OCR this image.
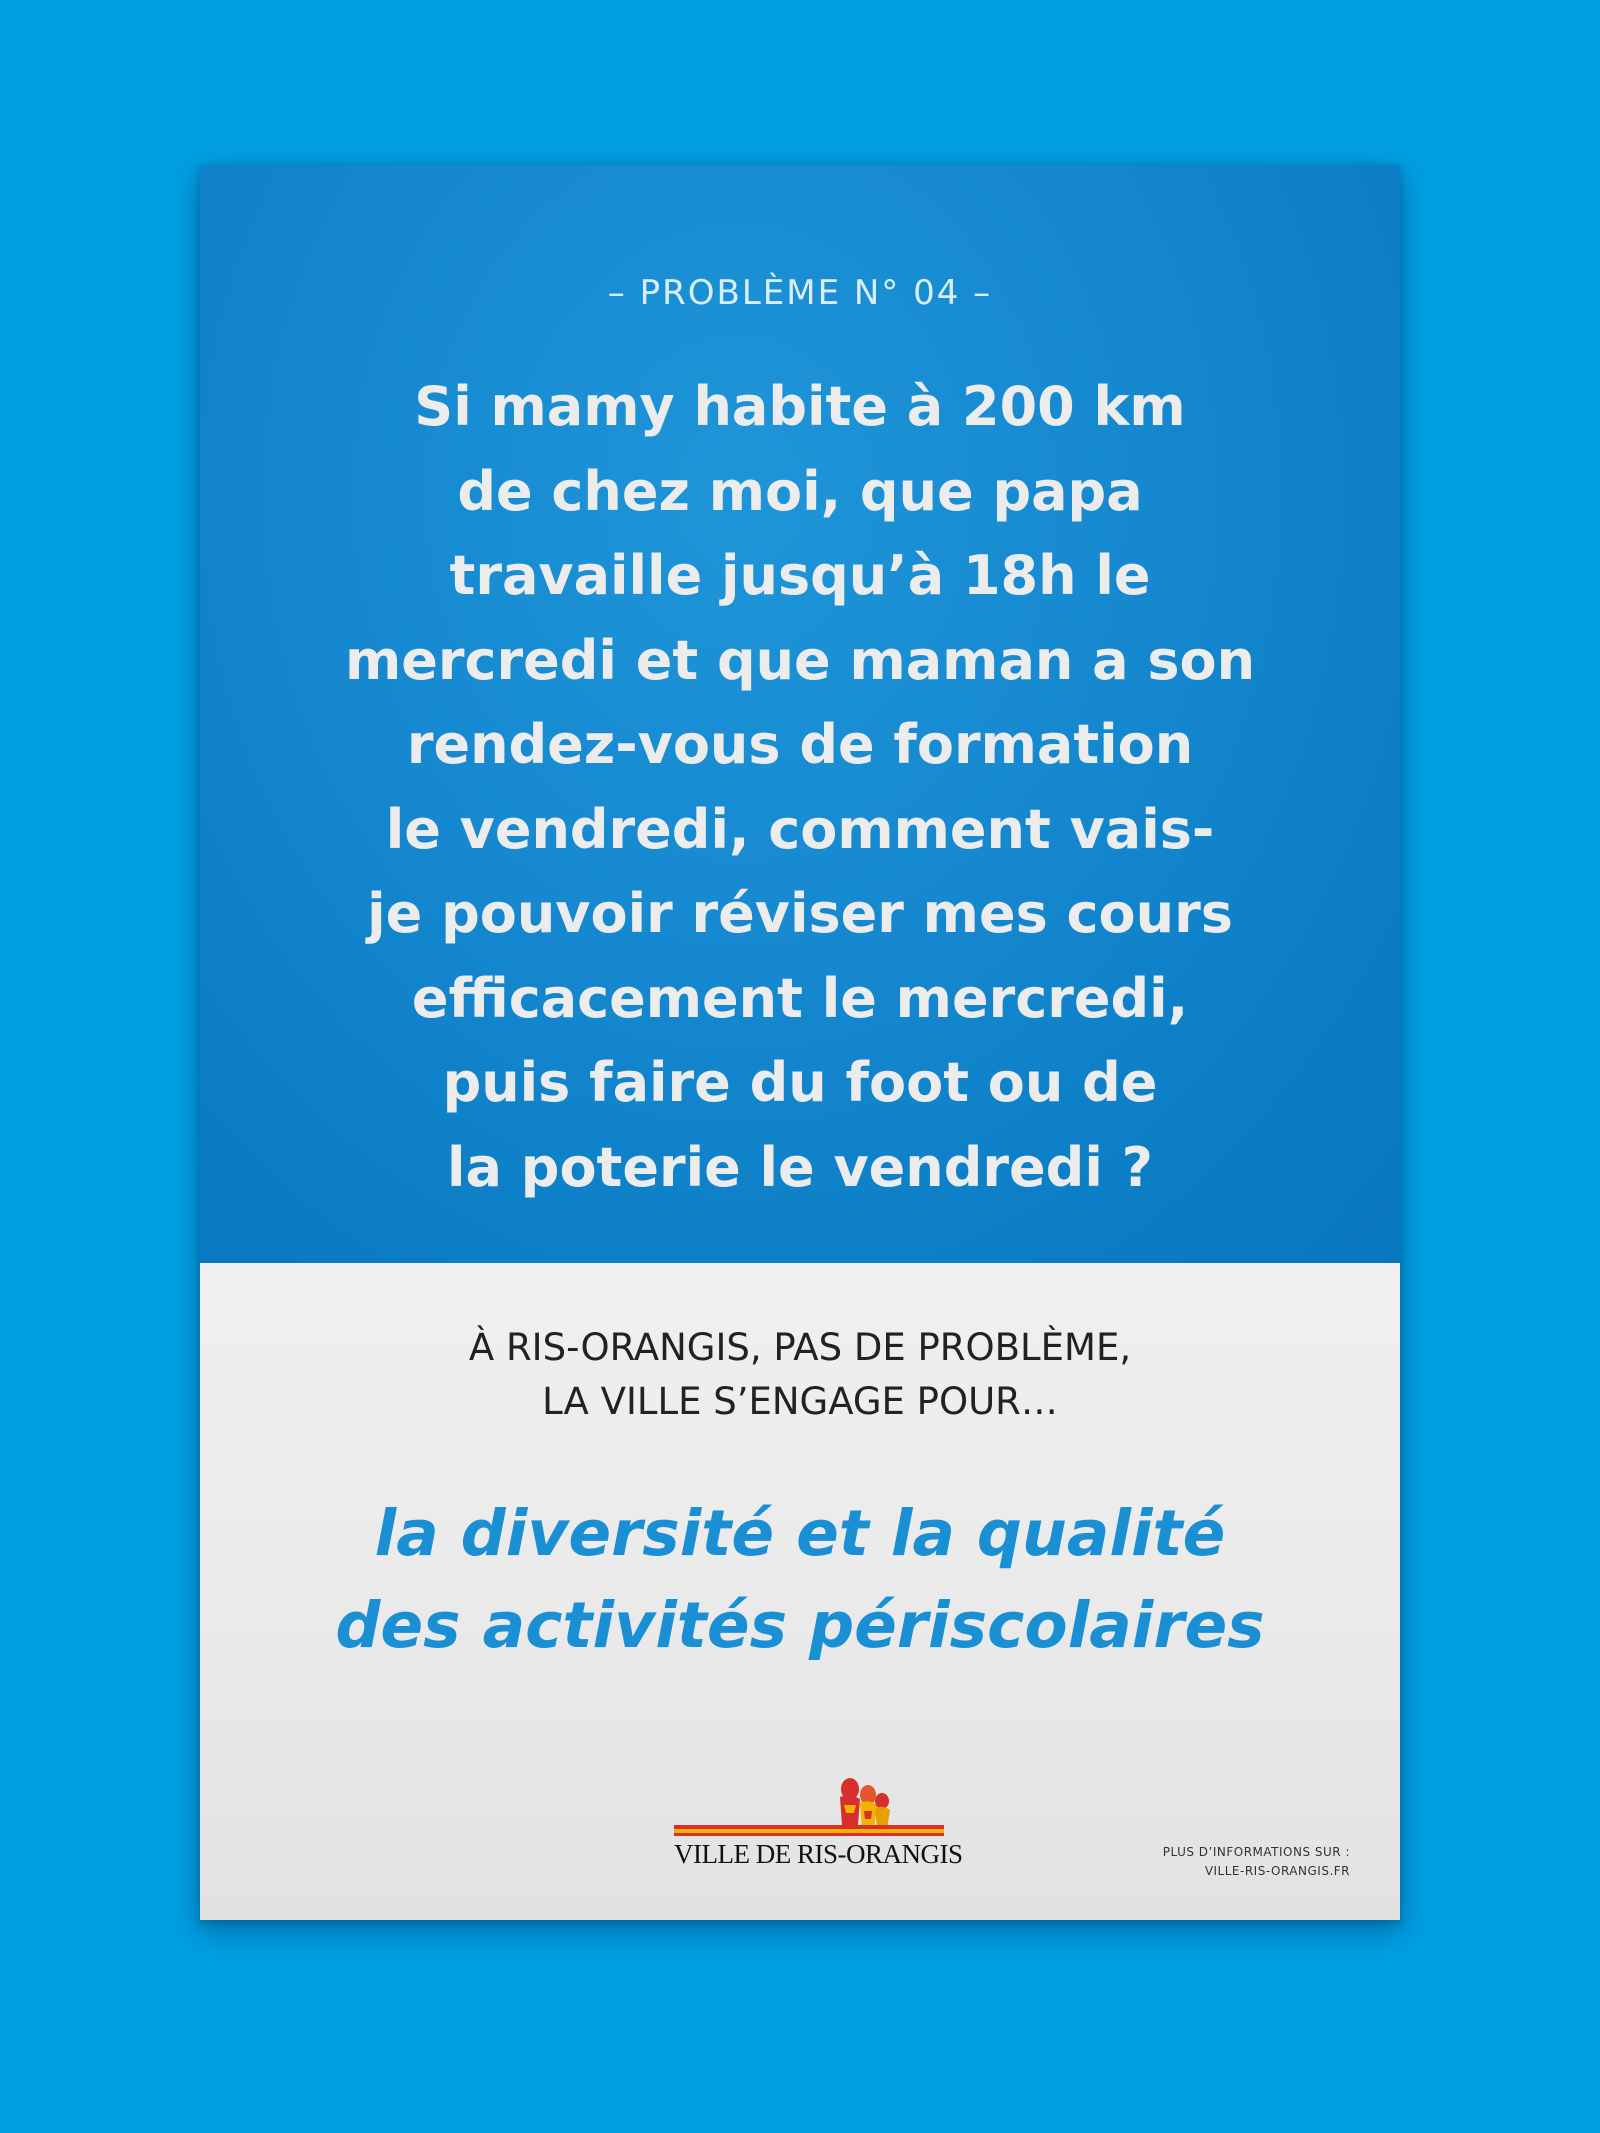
– PROBLÈME N° 04 –

Si mamy habite à 200 km
de chez moi, que papa
travaille jusqu’à 18h le
mercredi et que maman a son
rendez-vous de formation
le vendredi, comment vais-
je pouvoir réviser mes cours
efficacement le mercredi,
puis faire du foot ou de
la poterie le vendredi ?

À RIS-ORANGIS, PAS DE PROBLÈME,
LA VILLE S’ENGAGE POUR…
la diversité et la qualité
des activités périscolaires
VILLE DE RIS-ORANGIS	PLUS D’INFORMATIONS SUR :
VILLE-RIS-ORANGIS.FR
